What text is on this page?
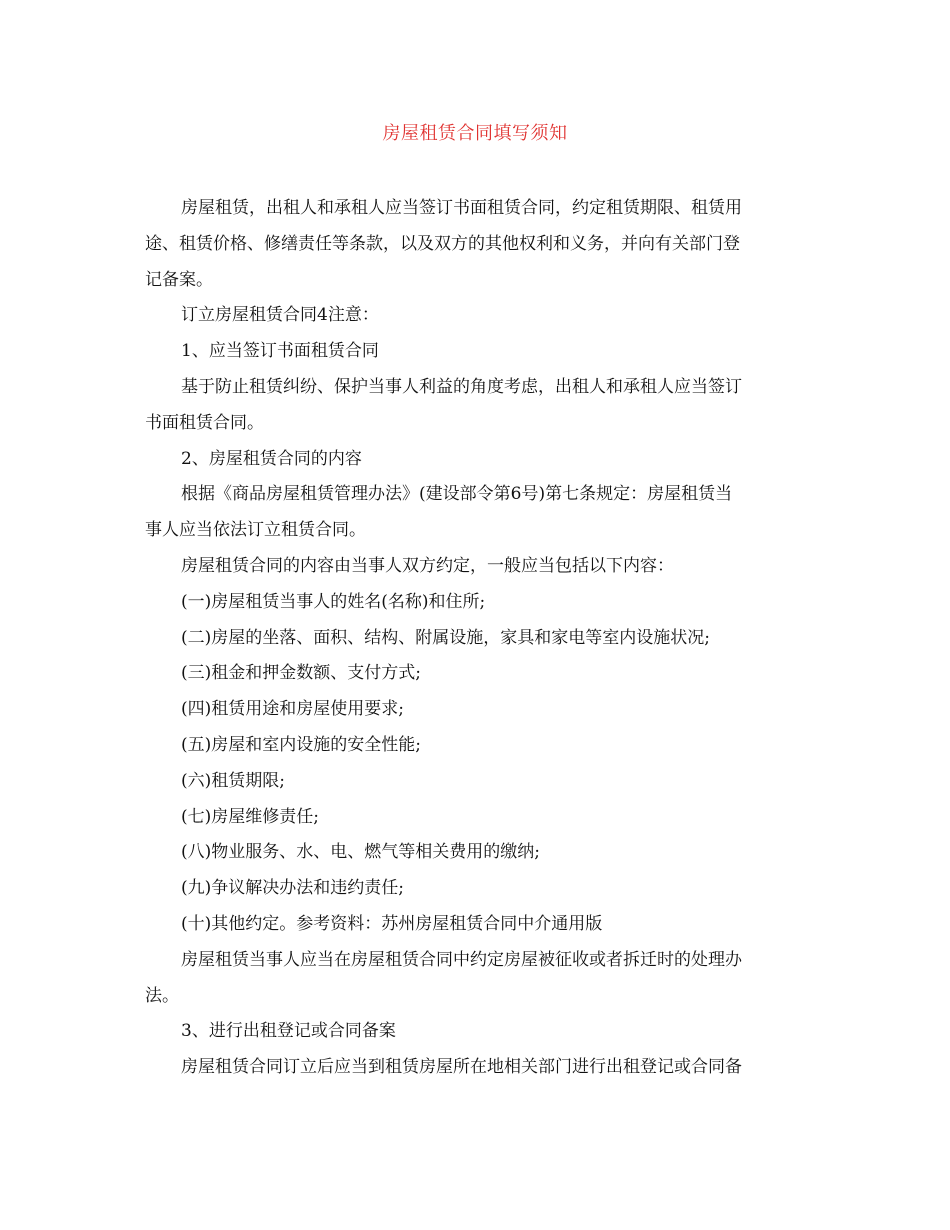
房屋租赁合同填写须知

房屋租赁，出租人和承租人应当签订书面租赁合同，约定租赁期限、租赁用

途、租赁价格、修缮责任等条款，以及双方的其他权利和义务，并向有关部门登

记备案。

订立房屋租赁合同4注意：

1、应当签订书面租赁合同

基于防止租赁纠纷、保护当事人利益的角度考虑，出租人和承租人应当签订

书面租赁合同。

2、房屋租赁合同的内容

根据《商品房屋租赁管理办法》(建设部令第6号)第七条规定：房屋租赁当

事人应当依法订立租赁合同。

房屋租赁合同的内容由当事人双方约定，一般应当包括以下内容：

(一)房屋租赁当事人的姓名(名称)和住所;

(二)房屋的坐落、面积、结构、附属设施，家具和家电等室内设施状况;

(三)租金和押金数额、支付方式;

(四)租赁用途和房屋使用要求;

(五)房屋和室内设施的安全性能;

(六)租赁期限;

(七)房屋维修责任;

(八)物业服务、水、电、燃气等相关费用的缴纳;

(九)争议解决办法和违约责任;

(十)其他约定。参考资料：苏州房屋租赁合同中介通用版

房屋租赁当事人应当在房屋租赁合同中约定房屋被征收或者拆迁时的处理办

法。

3、进行出租登记或合同备案

房屋租赁合同订立后应当到租赁房屋所在地相关部门进行出租登记或合同备
